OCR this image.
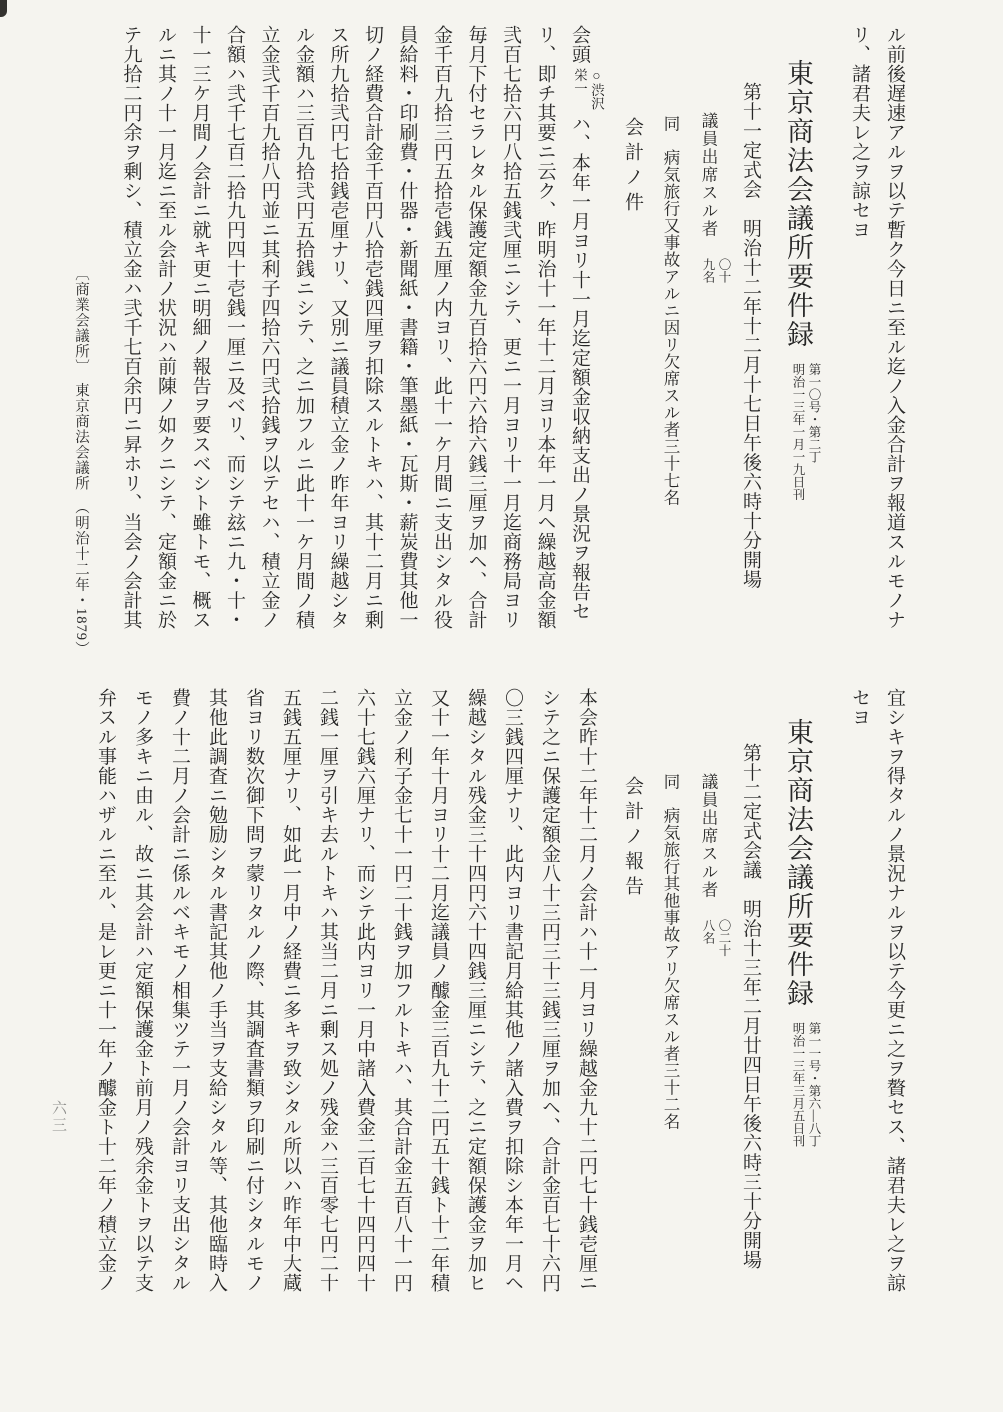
ル前後遅速アルヲ以テ暫ク今日ニ至ル迄ノ入金合計ヲ報道スルモノナ
リ、諸君夫レ之ヲ諒セヨ
東京商法会議所要件録
第一〇号・第二丁
明治一三年一月一九日刊
第十一定式会　明治十二年十二月十七日午後六時十分開場
議員出席スル者
〇十
九名
同　病気旅行又事故アルニ因リ欠席スル者三十七名
会計ノ件
会頭
○渋沢
栄一
ハ、本年一月ヨリ十一月迄定額金収納支出ノ景況ヲ報告セ
リ、即チ其要ニ云ク、昨明治十一年十二月ヨリ本年一月ヘ繰越高金額
弐百七拾六円八拾五銭弐厘ニシテ、更ニ一月ヨリ十一月迄商務局ヨリ
毎月下付セラレタル保護定額金九百拾六円六拾六銭三厘ヲ加ヘ、合計
金千百九拾三円五拾壱銭五厘ノ内ヨリ、此十一ケ月間ニ支出シタル役
員給料・印刷費・什器・新聞紙・書籍・筆墨紙・瓦斯・薪炭費其他一
切ノ経費合計金千百円八拾壱銭四厘ヲ扣除スルトキハ、其十二月ニ剰
ス所九拾弐円七拾銭壱厘ナリ、又別ニ議員積立金ノ昨年ヨリ繰越シタ
ル金額ハ三百九拾弐円五拾銭ニシテ、之ニ加フルニ此十一ケ月間ノ積
立金弐千百九拾八円並ニ其利子四拾六円弐拾銭ヲ以テセハ、積立金ノ
合額ハ弐千七百二拾九円四十壱銭一厘ニ及ベリ、而シテ玆ニ九・十・
十一三ケ月間ノ会計ニ就キ更ニ明細ノ報告ヲ要スベシト雖トモ、概ス
ルニ其ノ十一月迄ニ至ル会計ノ状況ハ前陳ノ如クニシテ、定額金ニ於
テ九拾二円余ヲ剰シ、積立金ハ弐千七百余円ニ昇ホリ、当会ノ会計其
〔商業会議所〕　東京商法会議所　（明治十二年・1879）
宜シキヲ得タルノ景況ナルヲ以テ今更ニ之ヲ贅セス、諸君夫レ之ヲ諒
セヨ
東京商法会議所要件録
第一一号・第六―八丁
明治一三年三月五日刊
第十二定式会議　明治十三年二月廿四日午後六時三十分開場
議員出席スル者
〇二十
八名
同　病気旅行其他事故アリ欠席スル者三十二名
会計ノ報告
本会昨十二年十二月ノ会計ハ十一月ヨリ繰越金九十二円七十銭壱厘ニ
シテ之ニ保護定額金八十三円三十三銭三厘ヲ加ヘ、合計金百七十六円
〇三銭四厘ナリ、此内ヨリ書記月給其他ノ諸入費ヲ扣除シ本年一月ヘ
繰越シタル残金三十四円六十四銭三厘ニシテ、之ニ定額保護金ヲ加ヒ
又十一年十月ヨリ十二月迄議員ノ醵金三百九十二円五十銭ト十二年積
立金ノ利子金七十一円二十銭ヲ加フルトキハ、其合計金五百八十一円
六十七銭六厘ナリ、而シテ此内ヨリ一月中諸入費金二百七十四円四十
二銭一厘ヲ引キ去ルトキハ其当二月ニ剰ス処ノ残金ハ三百零七円二十
五銭五厘ナリ、如此一月中ノ経費ニ多キヲ致シタル所以ハ昨年中大蔵
省ヨリ数次御下問ヲ蒙リタルノ際、其調査書類ヲ印刷ニ付シタルモノ
其他此調査ニ勉励シタル書記其他ノ手当ヲ支給シタル等、其他臨時入
費ノ十二月ノ会計ニ係ルベキモノ相集ツテ一月ノ会計ヨリ支出シタル
モノ多キニ由ル、故ニ其会計ハ定額保護金ト前月ノ残余金トヲ以テ支
弁スル事能ハザルニ至ル、是レ更ニ十一年ノ醵金ト十二年ノ積立金ノ
六三
